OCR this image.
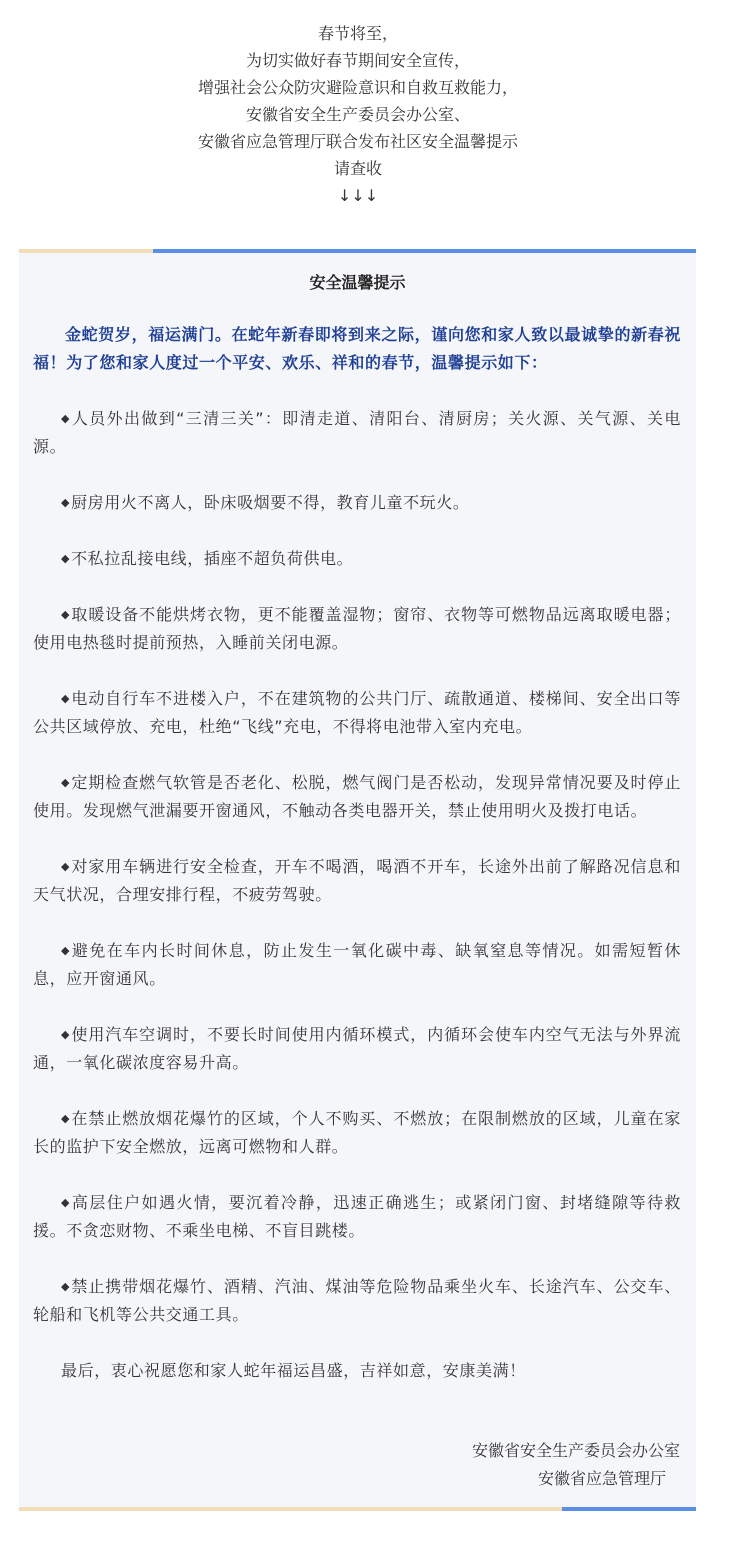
春节将至，
为切实做好春节期间安全宣传，
增强社会公众防灾避险意识和自救互救能力，
安徽省安全生产委员会办公室、
安徽省应急管理厅联合发布社区安全温馨提示
请查收
↓↓↓
安全温馨提示

金蛇贺岁，福运满门。在蛇年新春即将到来之际，谨向您和家人致以最诚挚的新春祝福！为了您和家人度过一个平安、欢乐、祥和的春节，温馨提示如下：

◆人员外出做到“三清三关”：即清走道、清阳台、清厨房；关火源、关气源、关电源。

◆厨房用火不离人，卧床吸烟要不得，教育儿童不玩火。

◆不私拉乱接电线，插座不超负荷供电。

◆取暖设备不能烘烤衣物，更不能覆盖湿物；窗帘、衣物等可燃物品远离取暖电器；使用电热毯时提前预热，入睡前关闭电源。

◆电动自行车不进楼入户，不在建筑物的公共门厅、疏散通道、楼梯间、安全出口等公共区域停放、充电，杜绝“飞线”充电，不得将电池带入室内充电。

◆定期检查燃气软管是否老化、松脱，燃气阀门是否松动，发现异常情况要及时停止使用。发现燃气泄漏要开窗通风，不触动各类电器开关，禁止使用明火及拨打电话。

◆对家用车辆进行安全检查，开车不喝酒，喝酒不开车，长途外出前了解路况信息和天气状况，合理安排行程，不疲劳驾驶。

◆避免在车内长时间休息，防止发生一氧化碳中毒、缺氧窒息等情况。如需短暂休息，应开窗通风。

◆使用汽车空调时，不要长时间使用内循环模式，内循环会使车内空气无法与外界流通，一氧化碳浓度容易升高。

◆在禁止燃放烟花爆竹的区域，个人不购买、不燃放；在限制燃放的区域，儿童在家长的监护下安全燃放，远离可燃物和人群。

◆高层住户如遇火情，要沉着冷静，迅速正确逃生；或紧闭门窗、封堵缝隙等待救援。不贪恋财物、不乘坐电梯、不盲目跳楼。

◆禁止携带烟花爆竹、酒精、汽油、煤油等危险物品乘坐火车、长途汽车、公交车、轮船和飞机等公共交通工具。

最后，衷心祝愿您和家人蛇年福运昌盛，吉祥如意，安康美满！

安徽省安全生产委员会办公室
安徽省应急管理厅
